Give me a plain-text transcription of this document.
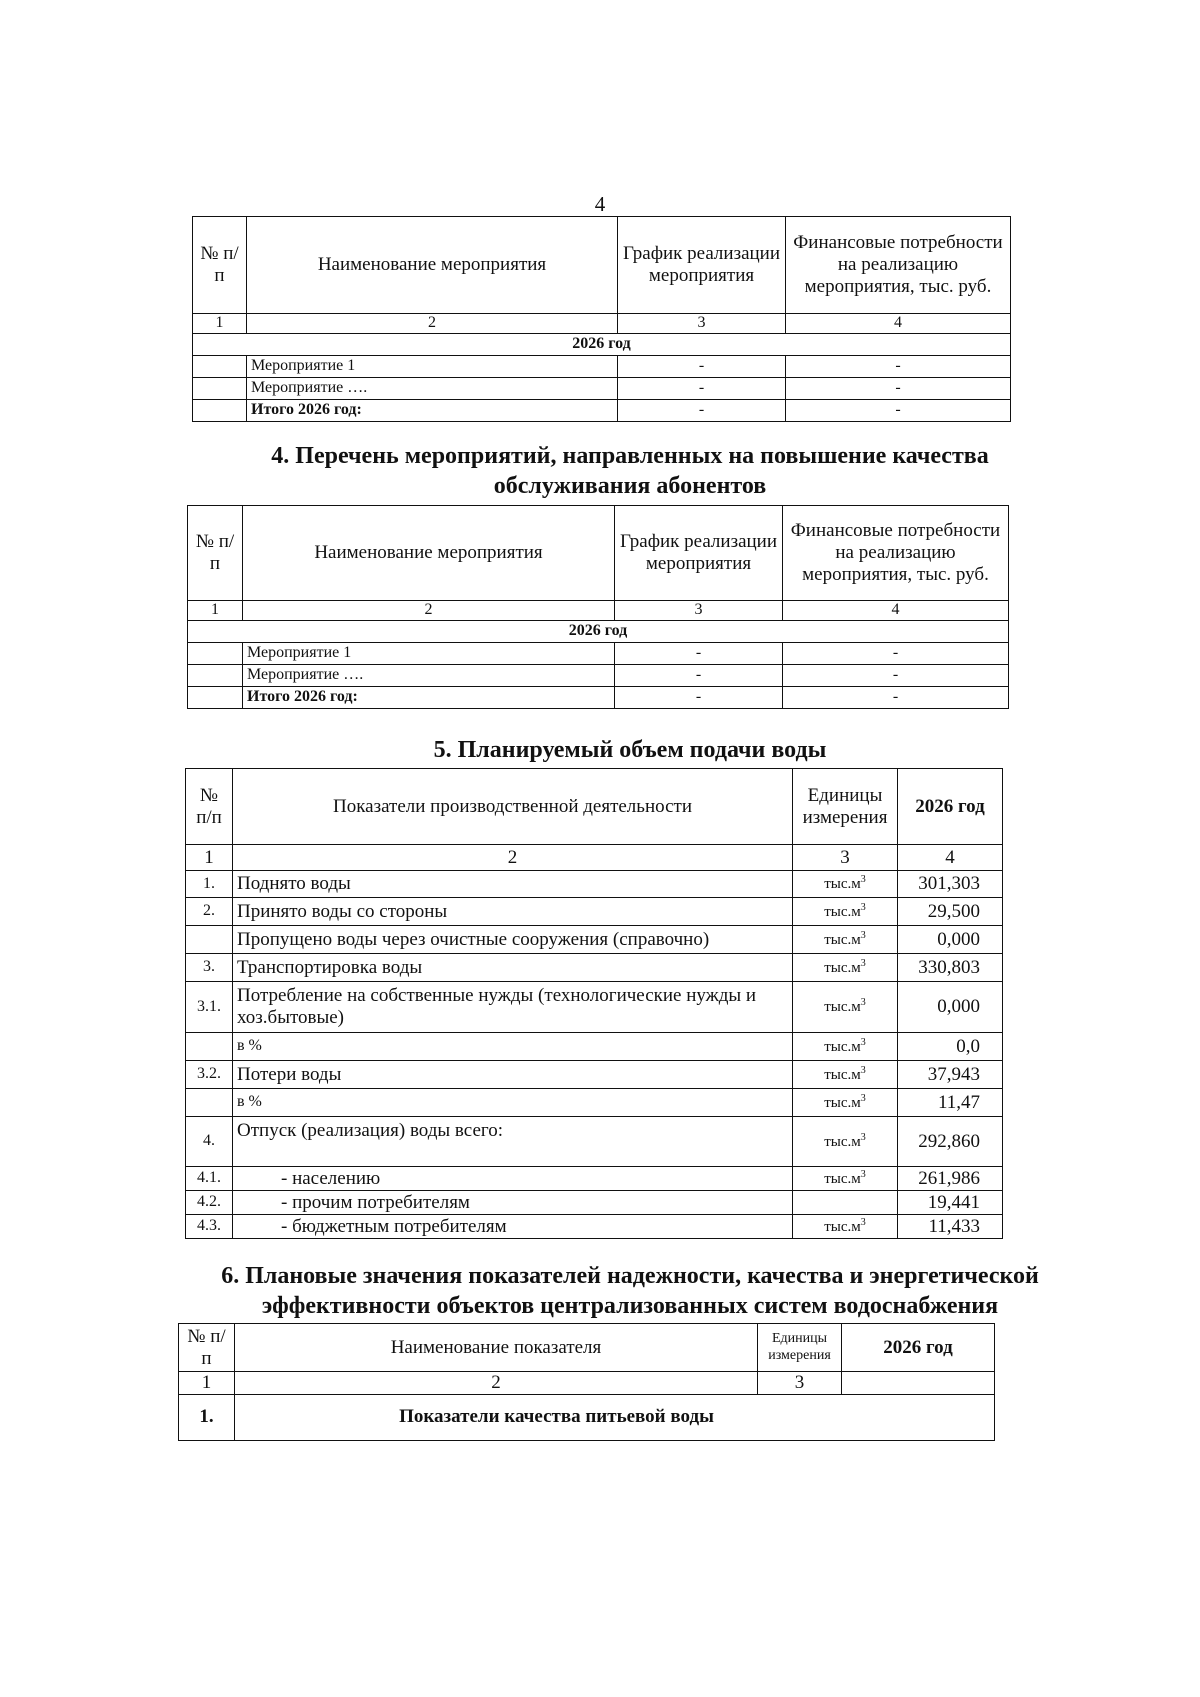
4
№ п/п	Наименование мероприятия	График реализации мероприятия	Финансовые потребности на реализацию мероприятия, тыс. руб.
1	2	3	4
2026 год			
	Мероприятие 1	-	-
	Мероприятие ….	-	-
	Итого 2026 год:	-	-
4. Перечень мероприятий, направленных на повышение качества
обслуживания абонентов
№ п/п	Наименование мероприятия	График реализации мероприятия	Финансовые потребности на реализацию мероприятия, тыс. руб.
1	2	3	4
2026 год			
	Мероприятие 1	-	-
	Мероприятие ….	-	-
	Итого 2026 год:	-	-
5. Планируемый объем подачи воды
№ п/п	Показатели производственной деятельности	Единицы измерения	2026 год
1	2	3	4
1.	Поднято воды	$тыс.м^3$	301,303
2.	Принято воды со стороны	$тыс.м^3$	29,500
	Пропущено воды через очистные сооружения (справочно)	$тыс.м^3$	0,000
3.	Транспортировка воды	$тыс.м^3$	330,803
3.1.	Потребление на собственные нужды (технологические нужды и хоз.бытовые)	$тыс.м^3$	0,000
	в %	$тыс.м^3$	0,0
3.2.	Потери воды	$тыс.м^3$	37,943
	в %	$тыс.м^3$	11,47
4.	Отпуск (реализация) воды всего:	$тыс.м^3$	292,860
4.1.	- населению	$тыс.м^3$	261,986
4.2.	- прочим потребителям		19,441
4.3.	- бюджетным потребителям	$тыс.м^3$	11,433
6. Плановые значения показателей надежности, качества и энергетической
эффективности объектов централизованных систем водоснабжения
№ п/п	Наименование показателя	Единицы измерения	2026 год
1	2	3	
1.	Показатели качества питьевой воды		
